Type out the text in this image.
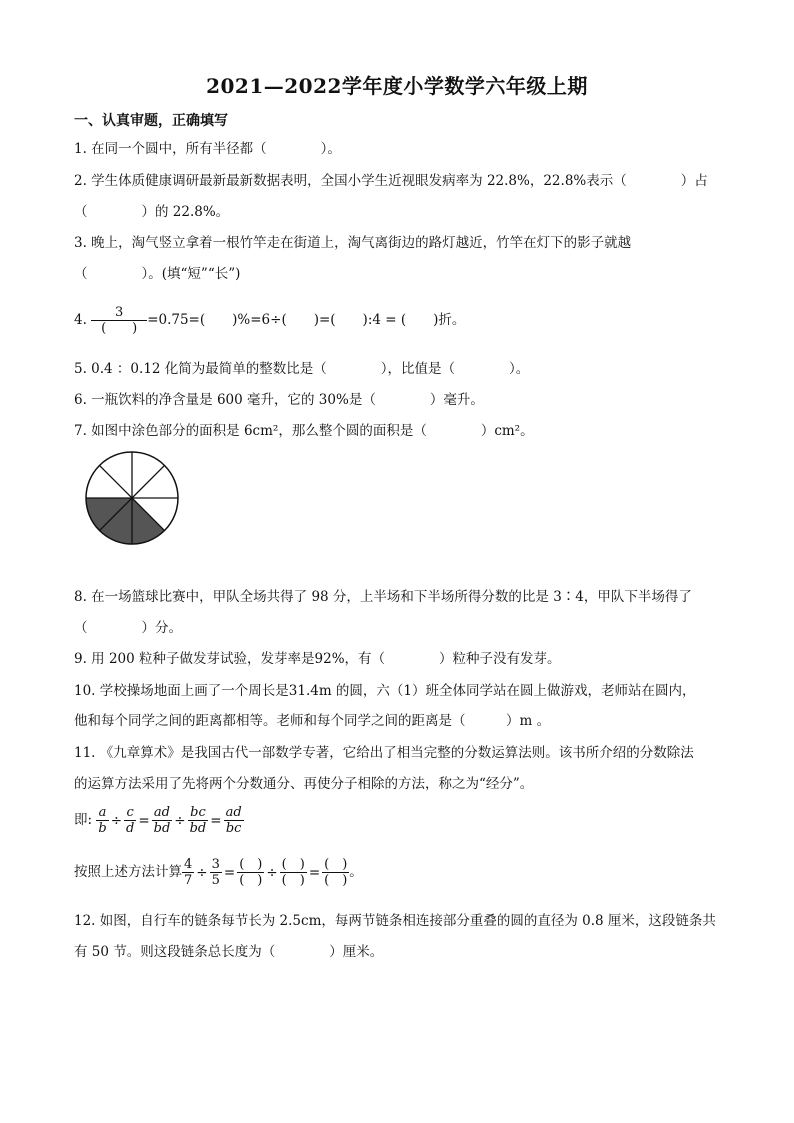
2021—2022学年度小学数学六年级上期
一、认真审题，正确填写
1. 在同一个圆中，所有半径都（　　　　）。
2. 学生体质健康调研最新最新数据表明，全国小学生近视眼发病率为 22.8%，22.8%表示（　　　　）占
（　　　　）的 22.8%。
3. 晚上，淘气竖立拿着一根竹竿走在街道上，淘气离街边的路灯越近，竹竿在灯下的影子就越
（　　　　）。(填“短”“长”)
4. $\frac{3}{( )} =0.75=$(　　)%=6÷(　　)=(　　):4 = (　　)折。
5. 0.4 ：0.12 化简为最简单的整数比是（　　　　），比值是（　　　　）。
6. 一瓶饮料的净含量是 600 毫升，它的 30%是（　　　　）毫升。
7. 如图中涂色部分的面积是 6cm²，那么整个圆的面积是（　　　　）cm²。
8. 在一场篮球比赛中，甲队全场共得了 98 分，上半场和下半场所得分数的比是 3∶4，甲队下半场得了
（　　　　）分。
9. 用 200 粒种子做发芽试验，发芽率是92%，有（　　　　）粒种子没有发芽。
10. 学校操场地面上画了一个周长是31.4m 的圆，六（1）班全体同学站在圆上做游戏，老师站在圆内，
他和每个同学之间的距离都相等。老师和每个同学之间的距离是（　　　）m 。
11. 《九章算术》是我国古代一部数学专著，它给出了相当完整的分数运算法则。该书所介绍的分数除法
的运算方法采用了先将两个分数通分、再使分子相除的方法，称之为“经分”。
即: $\frac{a}{b} \div \frac{c}{d} = \frac{ad}{bd} \div \frac{bc}{bd} = \frac{ad}{bc}$
按照上述方法计算 $\frac{4}{7} \div \frac{3}{5} = \frac{( )}{( )} \div \frac{( )}{( )} = \frac{( )}{( )}$ 。
12. 如图，自行车的链条每节长为 2.5cm，每两节链条相连接部分重叠的圆的直径为 0.8 厘米，这段链条共
有 50 节。则这段链条总长度为（　　　　）厘米。
